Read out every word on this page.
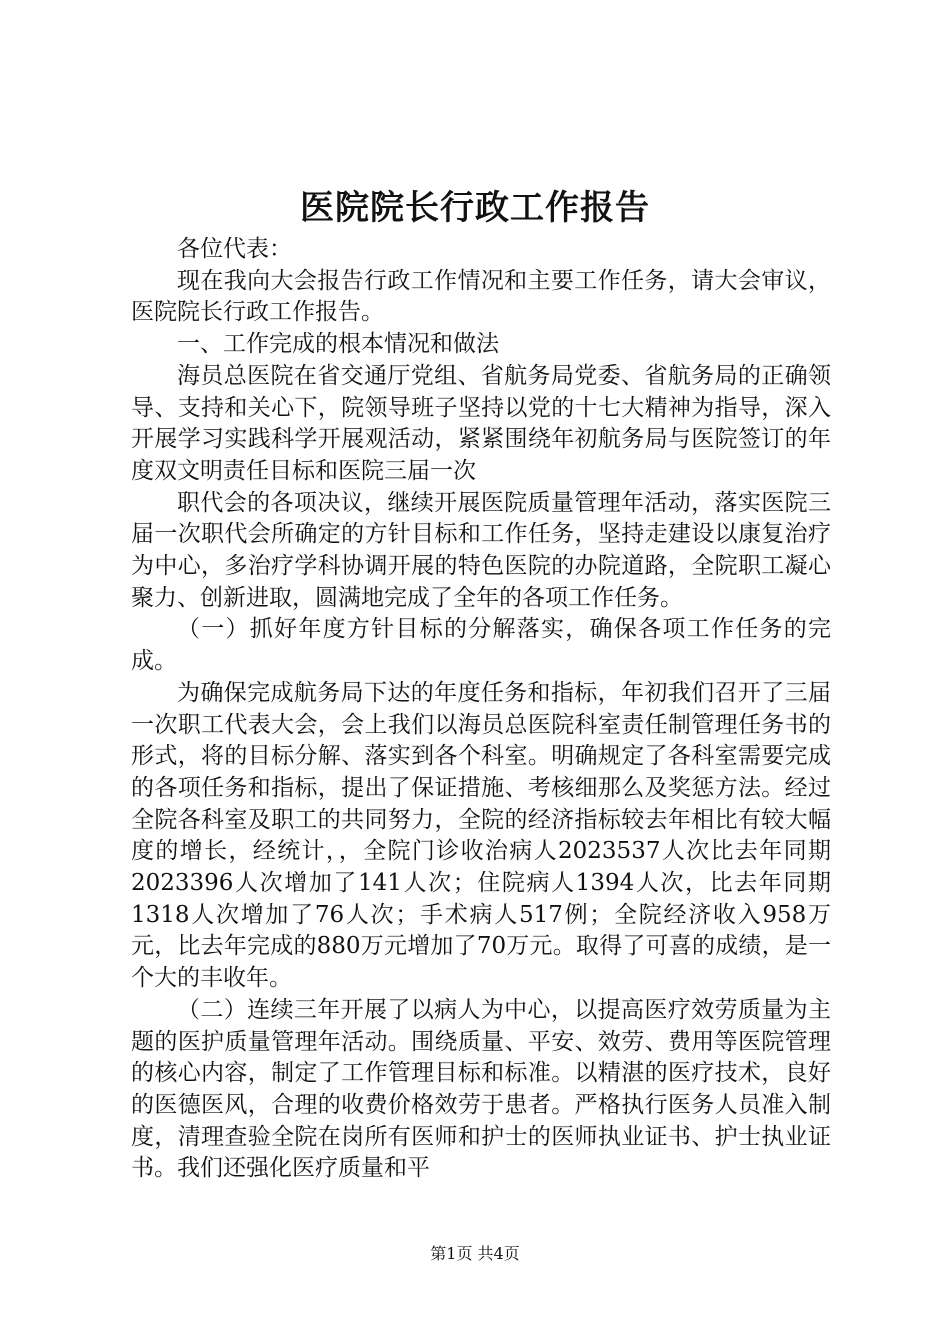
医院院长行政工作报告

各位代表：

现在我向大会报告行政工作情况和主要工作任务，请大会审议，医院院长行政工作报告。

一、工作完成的根本情况和做法

海员总医院在省交通厅党组、省航务局党委、省航务局的正确领导、支持和关心下，院领导班子坚持以党的十七大精神为指导，深入开展学习实践科学开展观活动，紧紧围绕年初航务局与医院签订的年度双文明责任目标和医院三届一次

职代会的各项决议，继续开展医院质量管理年活动，落实医院三届一次职代会所确定的方针目标和工作任务，坚持走建设以康复治疗为中心，多治疗学科协调开展的特色医院的办院道路，全院职工凝心聚力、创新进取，圆满地完成了全年的各项工作任务。

（一）抓好年度方针目标的分解落实，确保各项工作任务的完成。

为确保完成航务局下达的年度任务和指标，年初我们召开了三届一次职工代表大会，会上我们以海员总医院科室责任制管理任务书的形式，将的目标分解、落实到各个科室。明确规定了各科室需要完成的各项任务和指标，提出了保证措施、考核细那么及奖惩方法。经过全院各科室及职工的共同努力，全院的经济指标较去年相比有较大幅度的增长，经统计，，全院门诊收治病人2023537人次比去年同期2023396人次增加了141人次；住院病人1394人次，比去年同期1318人次增加了76人次；手术病人517例；全院经济收入958万元，比去年完成的880万元增加了70万元。取得了可喜的成绩，是一个大的丰收年。

（二）连续三年开展了以病人为中心，以提高医疗效劳质量为主题的医护质量管理年活动。围绕质量、平安、效劳、费用等医院管理的核心内容，制定了工作管理目标和标准。以精湛的医疗技术，良好的医德医风，合理的收费价格效劳于患者。严格执行医务人员准入制度，清理查验全院在岗所有医师和护士的医师执业证书、护士执业证书。我们还强化医疗质量和平

第1页 共4页
